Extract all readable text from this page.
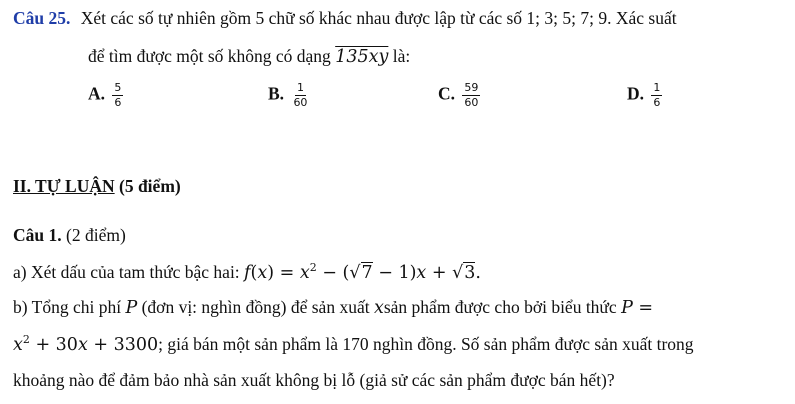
Câu 25. Xét các số tự nhiên gồm 5 chữ số khác nhau được lập từ các số 1; 3; 5; 7; 9. Xác suất
để tìm được một số không có dạng 135xy là:
A. $\frac{5}{6}$	B. $\frac{1}{60}$	C. $\frac{59}{60}$	D. $\frac{1}{6}$
II. TỰ LUẬN (5 điểm)
Câu 1. (2 điểm)
a) Xét dấu của tam thức bậc hai: $f(x) = x^2 - (√7 - 1)x + √3$.
b) Tổng chi phí P (đơn vị: nghìn đồng) để sản xuất xsản phẩm được cho bởi biểu thức P =
$x^2 + 30x + 3300$; giá bán một sản phẩm là 170 nghìn đồng. Số sản phẩm được sản xuất trong
khoảng nào để đảm bảo nhà sản xuất không bị lỗ (giả sử các sản phẩm được bán hết)?
